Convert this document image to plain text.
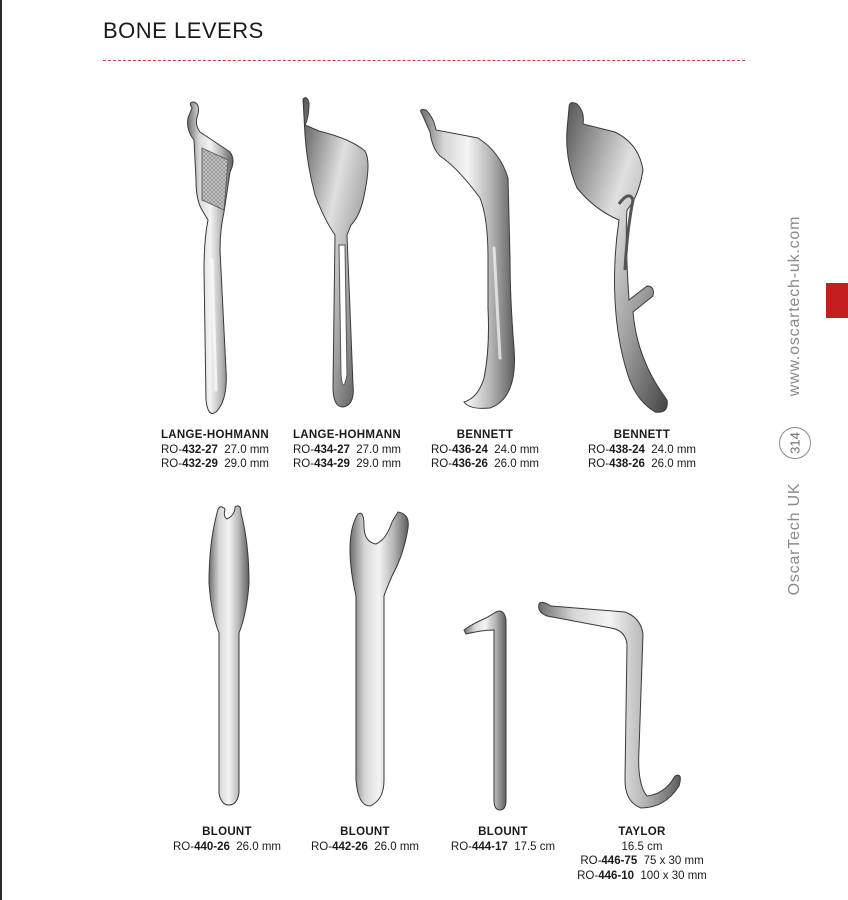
BONE LEVERS
www.oscartech-uk.com
OscarTech UK
314
LANGE-HOHMANN
RO-432-27 27.0 mm
RO-432-29 29.0 mm
LANGE-HOHMANN
RO-434-27 27.0 mm
RO-434-29 29.0 mm
BENNETT
RO-436-24 24.0 mm
RO-436-26 26.0 mm
BENNETT
RO-438-24 24.0 mm
RO-438-26 26.0 mm
BLOUNT
RO-440-26 26.0 mm
BLOUNT
RO-442-26 26.0 mm
BLOUNT
RO-444-17 17.5 cm
TAYLOR
16.5 cm
RO-446-75 75 x 30 mm
RO-446-10 100 x 30 mm
